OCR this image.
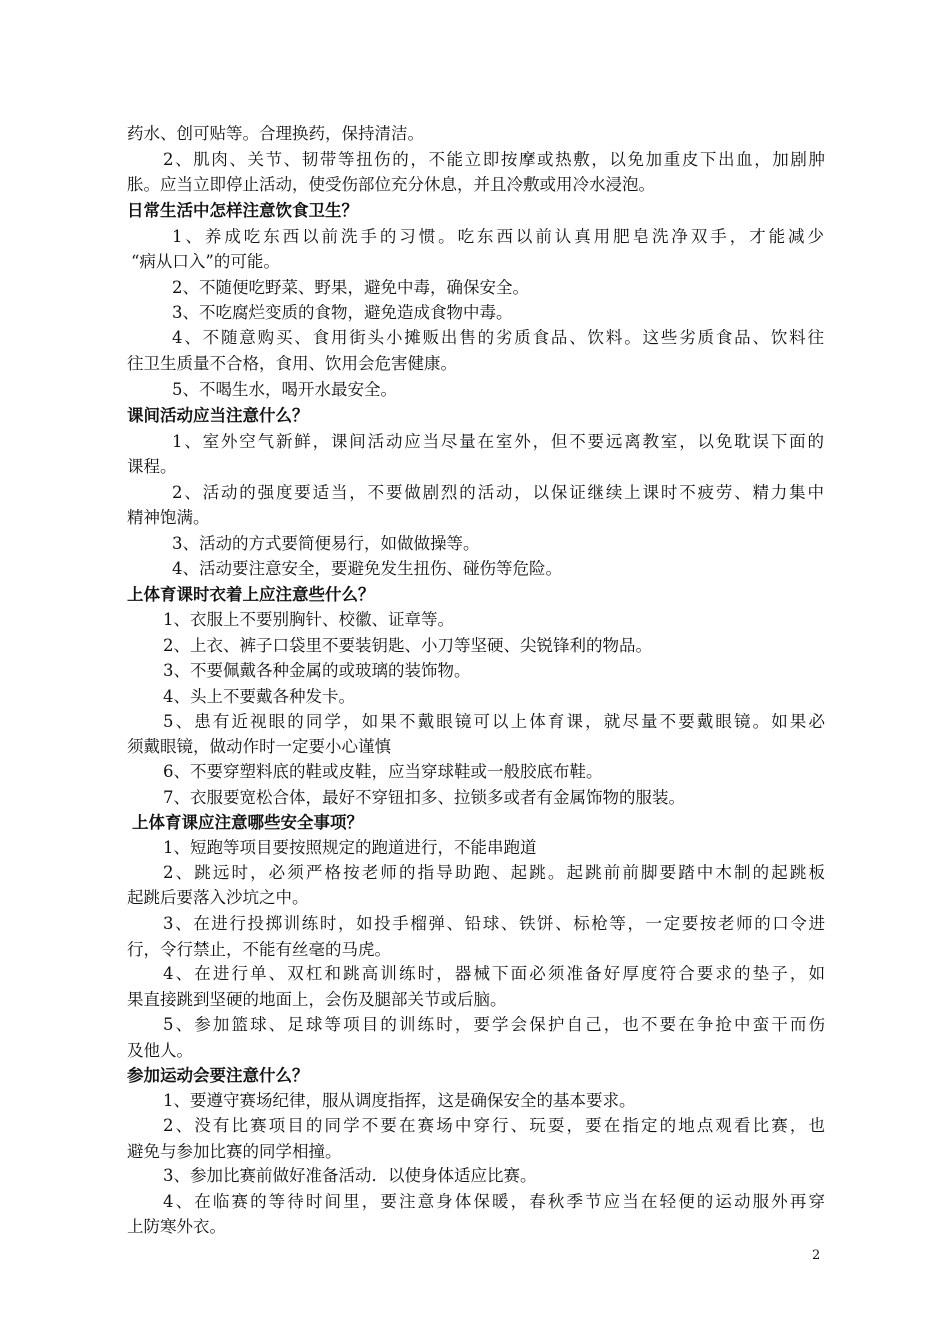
药水、创可贴等。合理换药，保持清洁。
2、肌肉、关节、韧带等扭伤的，不能立即按摩或热敷，以免加重皮下出血，加剧肿
胀。应当立即停止活动，使受伤部位充分休息，并且冷敷或用冷水浸泡。
日常生活中怎样注意饮食卫生？
1、养成吃东西以前洗手的习惯。吃东西以前认真用肥皂洗净双手，才能减少
“病从口入”的可能。
2、不随便吃野菜、野果，避免中毒，确保安全。
3、不吃腐烂变质的食物，避免造成食物中毒。
4、不随意购买、食用街头小摊贩出售的劣质食品、饮料。这些劣质食品、饮料往
往卫生质量不合格，食用、饮用会危害健康。
5、不喝生水，喝开水最安全。
课间活动应当注意什么？
1、室外空气新鲜，课间活动应当尽量在室外，但不要远离教室，以免耽误下面的
课程。
2、活动的强度要适当，不要做剧烈的活动，以保证继续上课时不疲劳、精力集中
精神饱满。
3、活动的方式要简便易行，如做做操等。
4、活动要注意安全，要避免发生扭伤、碰伤等危险。
上体育课时衣着上应注意些什么？
1、衣服上不要别胸针、校徽、证章等。
2、上衣、裤子口袋里不要装钥匙、小刀等坚硬、尖锐锋利的物品。
3、不要佩戴各种金属的或玻璃的装饰物。
4、头上不要戴各种发卡。
5、患有近视眼的同学，如果不戴眼镜可以上体育课，就尽量不要戴眼镜。如果必
须戴眼镜，做动作时一定要小心谨慎
6、不要穿塑料底的鞋或皮鞋，应当穿球鞋或一般胶底布鞋。
7、衣服要宽松合体，最好不穿钮扣多、拉锁多或者有金属饰物的服装。
上体育课应注意哪些安全事项？
1、短跑等项目要按照规定的跑道进行，不能串跑道
2、跳远时，必须严格按老师的指导助跑、起跳。起跳前前脚要踏中木制的起跳板
起跳后要落入沙坑之中。
3、在进行投掷训练时，如投手榴弹、铅球、铁饼、标枪等，一定要按老师的口令进
行，令行禁止，不能有丝毫的马虎。
4、在进行单、双杠和跳高训练时，器械下面必须准备好厚度符合要求的垫子，如
果直接跳到坚硬的地面上，会伤及腿部关节或后脑。
5、参加篮球、足球等项目的训练时，要学会保护自己，也不要在争抢中蛮干而伤
及他人。
参加运动会要注意什么？
1、要遵守赛场纪律，服从调度指挥，这是确保安全的基本要求。
2、没有比赛项目的同学不要在赛场中穿行、玩耍，要在指定的地点观看比赛，也
避免与参加比赛的同学相撞。
3、参加比赛前做好准备活动．以使身体适应比赛。
4、在临赛的等待时间里，要注意身体保暖，春秋季节应当在轻便的运动服外再穿
上防寒外衣。
2
